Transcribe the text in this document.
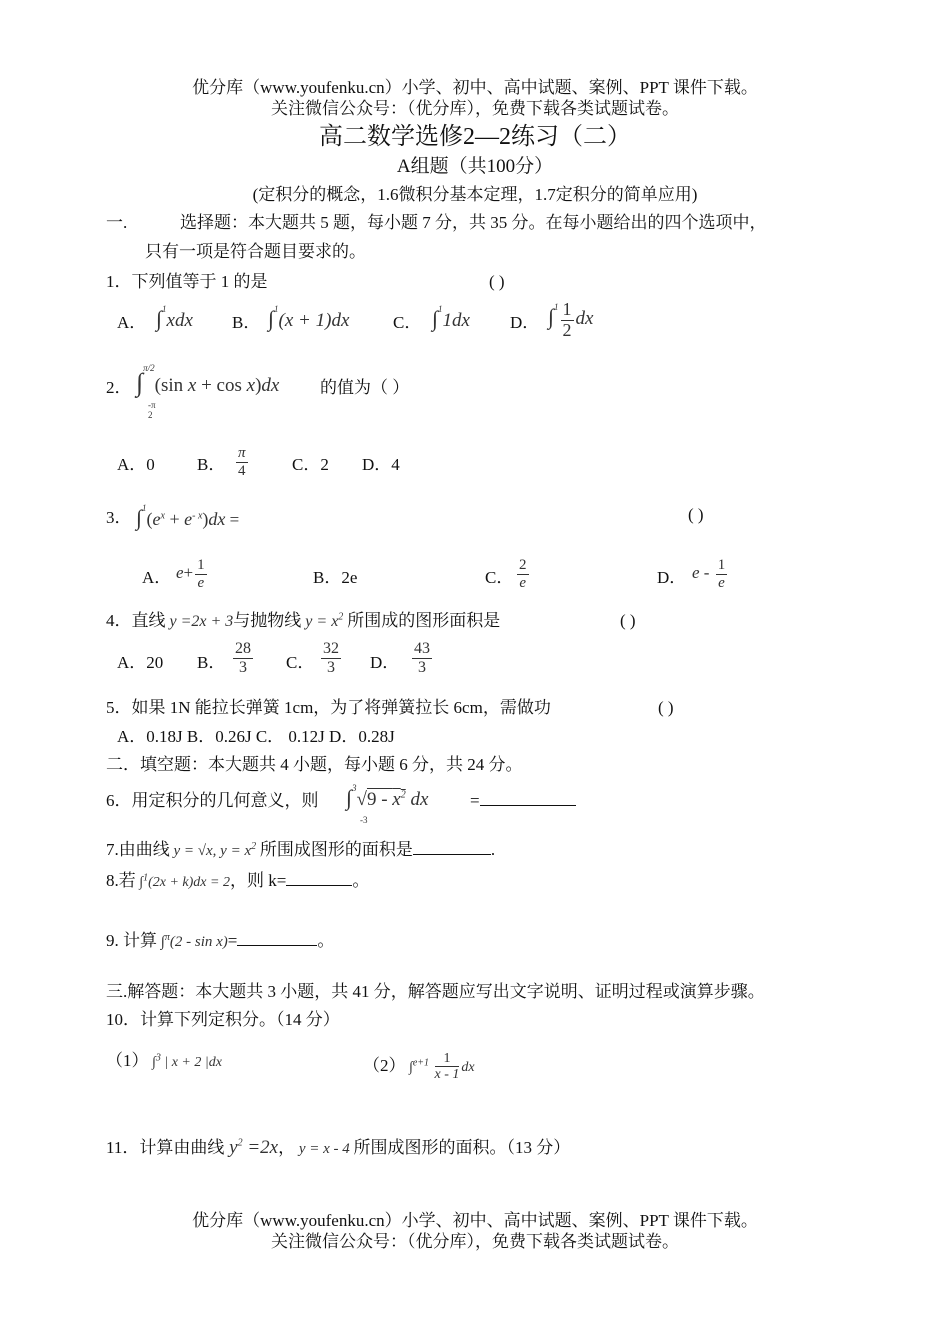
优分库（www.youfenku.cn）小学、初中、高中试题、案例、PPT 课件下载。
关注微信公众号：（优分库），免费下载各类试题试卷。
高二数学选修2—2练习（二）
A组题（共100分）
(定积分的概念，1.6微积分基本定理，1.7定积分的简单应用)
一.	选择题：本大题共 5 题，每小题 7 分，共 35 分。在每小题给出的四个选项中，
只有一项是符合题目要求的。
1．下列值等于 1 的是	( )
A． ∫$^1$xdx B． ∫$^1$(x + 1)dx	C． ∫$^1$1dx D． $\int^1 \frac{1}{2}$ dx
2． ∫$^{\pi/2}$(sin x + cos x)dx
-π
2
的值为（ ）
A．0 B． $\frac{\pi}{4}$	C．2 D．4
3． $\int^1(e^x + e^{- x})dx$ =	( )
A． $e+ \frac{1}{e}$	B．2e	C． $\frac{2}{e}$	D． e - $\frac{1}{e}$
4．直线 y =2x + 3与抛物线 $y = x^2$ 所围成的图形面积是	( )
A．20 B． $\frac{28}{3}$ C． $\frac{32}{3}$ D． $\frac{43}{3}$
5．如果 1N 能拉长弹簧 1cm，为了将弹簧拉长 6cm，需做功	( )
A．0.18J B．0.26J C． 0.12J D．0.28J
二．填空题：本大题共 4 小题，每小题 6 分，共 24 分。
6．用定积分的几何意义，则 $\int^3√9 - x^2$ dx =
-3
7.由曲线 y = √x, $y = x^2$ 所围成图形的面积是	.
8.若 ∫$^1$(2x + k)dx = 2，则 k=	。
9. 计算 ∫$^\pi$(2 - sin x)=	。
三.解答题：本大题共 3 小题，共 41 分，解答题应写出文字说明、证明过程或演算步骤。
10．计算下列定积分。（14 分）
（1） ∫$^3$ | x + 2 |dx	（2） $\int^{e+1} \frac{1}{x - 1}$ dx
11．计算由曲线 $y^2 =2x$， y = x - 4 所围成图形的面积。（13 分）
优分库（www.youfenku.cn）小学、初中、高中试题、案例、PPT 课件下载。
关注微信公众号：（优分库），免费下载各类试题试卷。
